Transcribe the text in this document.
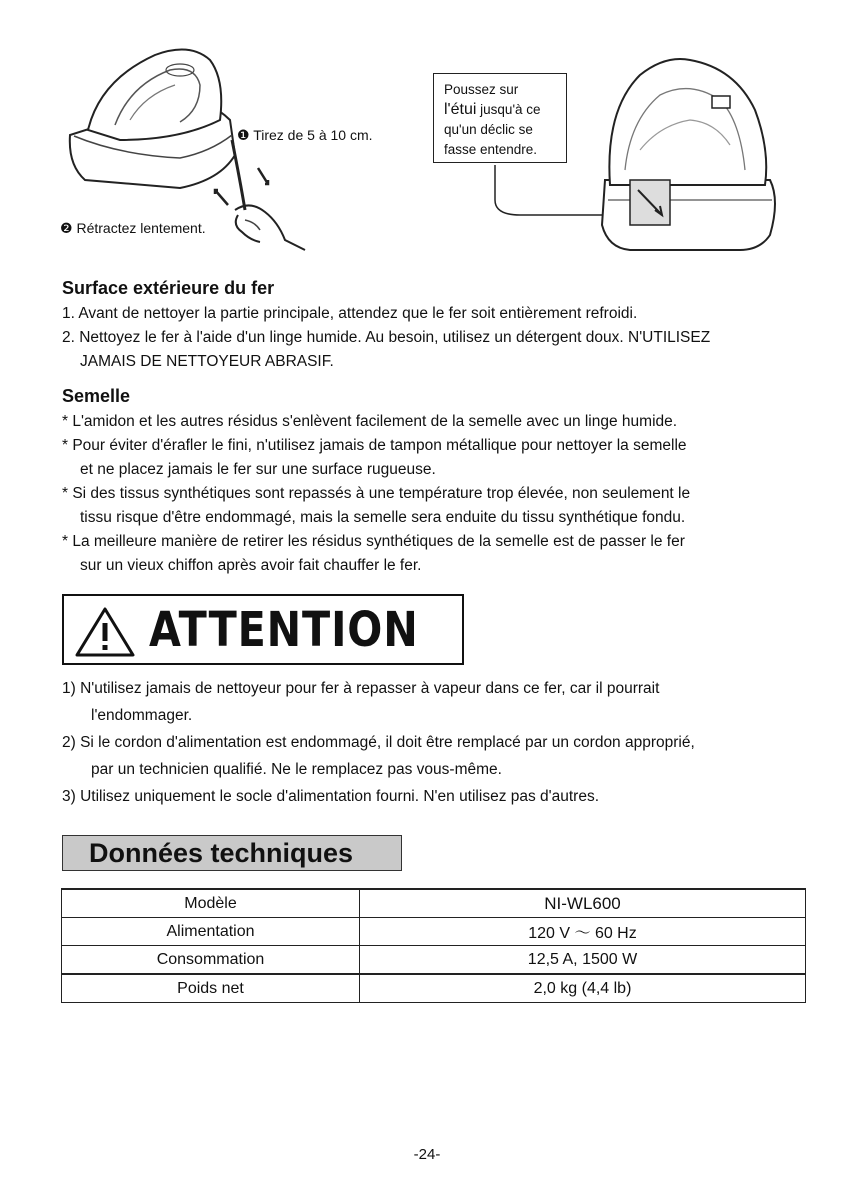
❶ Tirez de 5 à 10 cm.
❷ Rétractez lentement.
Poussez sur
l'étui jusqu'à ce
qu'un déclic se
fasse entendre.
Surface extérieure du fer
1. Avant de nettoyer la partie principale, attendez que le fer soit entièrement refroidi.
2. Nettoyez le fer à l'aide d'un linge humide. Au besoin, utilisez un détergent doux. N'UTILISEZ
JAMAIS DE NETTOYEUR ABRASIF.
Semelle
* L'amidon et les autres résidus s'enlèvent facilement de la semelle avec un linge humide.
* Pour éviter d'érafler le fini, n'utilisez jamais de tampon métallique pour nettoyer la semelle
et ne placez jamais le fer sur une surface rugueuse.
* Si des tissus synthétiques sont repassés à une température trop élevée, non seulement le
tissu risque d'être endommagé, mais la semelle sera enduite du tissu synthétique fondu.
* La meilleure manière de retirer les résidus synthétiques de la semelle est de passer le fer
sur un vieux chiffon après avoir fait chauffer le fer.
ATTENTION
1) N'utilisez jamais de nettoyeur pour fer à repasser à vapeur dans ce fer, car il pourrait
l'endommager.
2) Si le cordon d'alimentation est endommagé, il doit être remplacé par un cordon approprié,
par un technicien qualifié. Ne le remplacez pas vous-même.
3) Utilisez uniquement le socle d'alimentation fourni. N'en utilisez pas d'autres.
Données techniques
Modèle	NI-WL600
Alimentation	120 V ～ 60 Hz
Consommation	12,5 A, 1500 W
Poids net	2,0 kg (4,4 lb)
-24-
